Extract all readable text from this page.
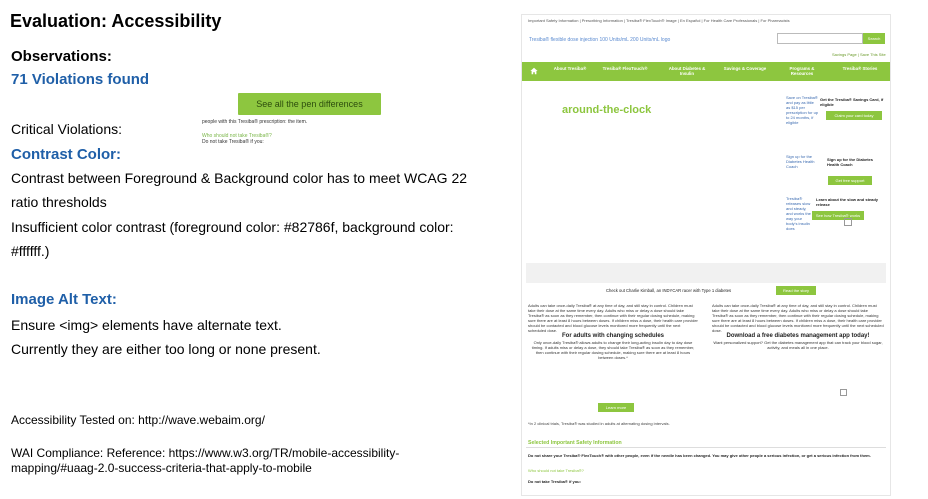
Evaluation: Accessibility
Observations:
71 Violations found
See all the pen differences
Critical Violations:	people with this Tresiba® prescription: the item.
Who should not take Tresiba®?
Do not take Tresiba® if you:
Contrast Color:
Contrast between Foreground & Background color has to meet WCAG 22 ratio thresholds
Insufficient color contrast (foreground color: #82786f, background color: #ffffff.)
Image Alt Text:
Ensure <img> elements have alternate text.
Currently they are either too long or none present.
Accessibility Tested on: http://wave.webaim.org/
WAI Compliance: Reference: https://www.w3.org/TR/mobile-accessibility-mapping/#uaag-2.0-success-criteria-that-apply-to-mobile
Important Safety Information | Prescribing Information | Tresiba® FlexTouch® Image | En Español | For Health Care Professionals | For Pharmacists
Tresiba® flexible dose injection 100 Units/mL 200 Units/mL logo	Search
Savings Page | Save This Site
About Tresiba®	Tresiba® FlexTouch®	About Diabetes & Insulin
Savings & Coverage	Programs & Resources
Tresiba® Stories
around-the-clock
Save on Tresiba® and pay as little as $15 per prescription for up to 24 months, if eligible
Get the Tresiba® Savings Card, if eligible
Claim your card today
Sign up for the Diabetes Health Coach
Sign up for the Diabetes Health Coach
Get free support
Tresiba® releases slow and steady, and works the way your body's insulin does
Learn about the slow and steady release
See how Tresiba® works
Check out Charlie Kimball, an INDYCAR racer with Type 1 diabetes	Read the story
Adults can take once-daily Tresiba® at any time of day, and still stay in control. Children must take their dose at the same time every day. Adults who miss or delay a dose should take Tresiba® as soon as they remember, then continue with their regular dosing schedule, making sure there are at least 8 hours between doses. If children miss a dose, their health care provider should be contacted and blood glucose levels monitored more frequently until the next scheduled dose.
For adults with changing schedules
Only once-daily Tresiba® allows adults to change their long-acting insulin day to day dose timing. If adults miss or delay a dose, they should take Tresiba® as soon as they remember, then continue with their regular dosing schedule, making sure there are at least 8 hours between doses.*
Adults can take once-daily Tresiba® at any time of day, and still stay in control. Children must take their dose at the same time every day. Adults who miss or delay a dose should take Tresiba® as soon as they remember, then continue with their regular dosing schedule, making sure there are at least 8 hours between doses. If children miss a dose, their health care provider should be contacted and blood glucose levels monitored more frequently until the next scheduled dose.
Download a free diabetes management app today!
Want personalized support? Get the diabetes management app that can track your blood sugar, activity, and meals all in one place.
Learn more
*In 2 clinical trials, Tresiba® was studied in adults at alternating dosing intervals.
Selected Important Safety Information
Do not share your Tresiba® FlexTouch® with other people, even if the needle has been changed. You may give other people a serious infection, or get a serious infection from them.
Who should not take Tresiba®?
Do not take Tresiba® if you:
